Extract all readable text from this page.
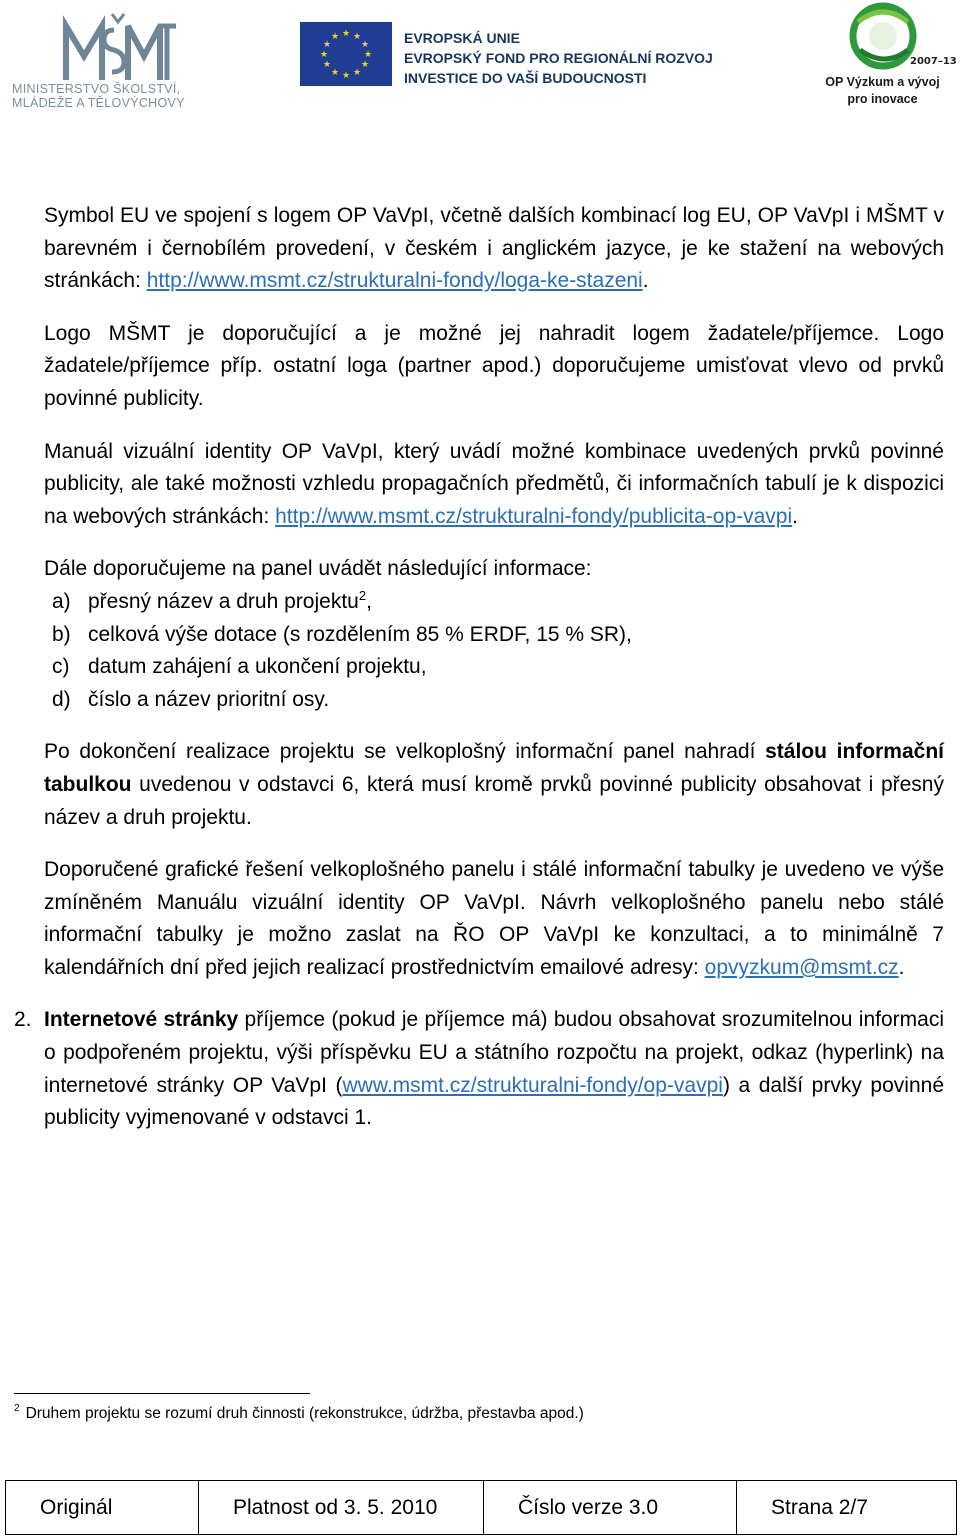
MINISTERSTVO ŠKOLSTVÍ,
MLÁDEŽE A TĚLOVÝCHOVY
★ ★
★
★
★
★
★
★
★
★
★
★	EVROPSKÁ UNIE
EVROPSKÝ FOND PRO REGIONÁLNÍ ROZVOJ
INVESTICE DO VAŠÍ BUDOUCNOSTI
2007–13
OP Výzkum a vývoj
pro inovace

Symbol EU ve spojení s logem OP VaVpI, včetně dalších kombinací log EU, OP VaVpI i MŠMT v barevném i černobílém provedení, v českém i anglickém jazyce, je ke stažení na webových stránkách: http://www.msmt.cz/strukturalni-fondy/loga-ke-stazeni.

Logo MŠMT je doporučující a je možné jej nahradit logem žadatele/příjemce. Logo žadatele/příjemce příp. ostatní loga (partner apod.) doporučujeme umisťovat vlevo od prvků povinné publicity.

Manuál vizuální identity OP VaVpI, který uvádí možné kombinace uvedených prvků povinné publicity, ale také možnosti vzhledu propagačních předmětů, či informačních tabulí je k dispozici na webových stránkách: http://www.msmt.cz/strukturalni-fondy/publicita-op-vavpi.

Dále doporučujeme na panel uvádět následující informace:

a) přesný název a druh projektu$^2$,
b) celková výše dotace (s rozdělením 85 % ERDF, 15 % SR),
c) datum zahájení a ukončení projektu,
d) číslo a název prioritní osy.

Po dokončení realizace projektu se velkoplošný informační panel nahradí stálou informační tabulkou uvedenou v odstavci 6, která musí kromě prvků povinné publicity obsahovat i přesný název a druh projektu.

Doporučené grafické řešení velkoplošného panelu i stálé informační tabulky je uvedeno ve výše zmíněném Manuálu vizuální identity OP VaVpI. Návrh velkoplošného panelu nebo stálé informační tabulky je možno zaslat na ŘO OP VaVpI ke konzultaci, a to minimálně 7 kalendářních dní před jejich realizací prostřednictvím emailové adresy: opvyzkum@msmt.cz.

2. Internetové stránky příjemce (pokud je příjemce má) budou obsahovat srozumitelnou informaci o podpořeném projektu, výši příspěvku EU a státního rozpočtu na projekt, odkaz (hyperlink) na internetové stránky OP VaVpI (www.msmt.cz/strukturalni-fondy/op-vavpi) a další prvky povinné publicity vyjmenované v odstavci 1.

$^2$ Druhem projektu se rozumí druh činnosti (rekonstrukce, údržba, přestavba apod.)
Originál	Platnost od 3. 5. 2010	Číslo verze 3.0	Strana 2/7
